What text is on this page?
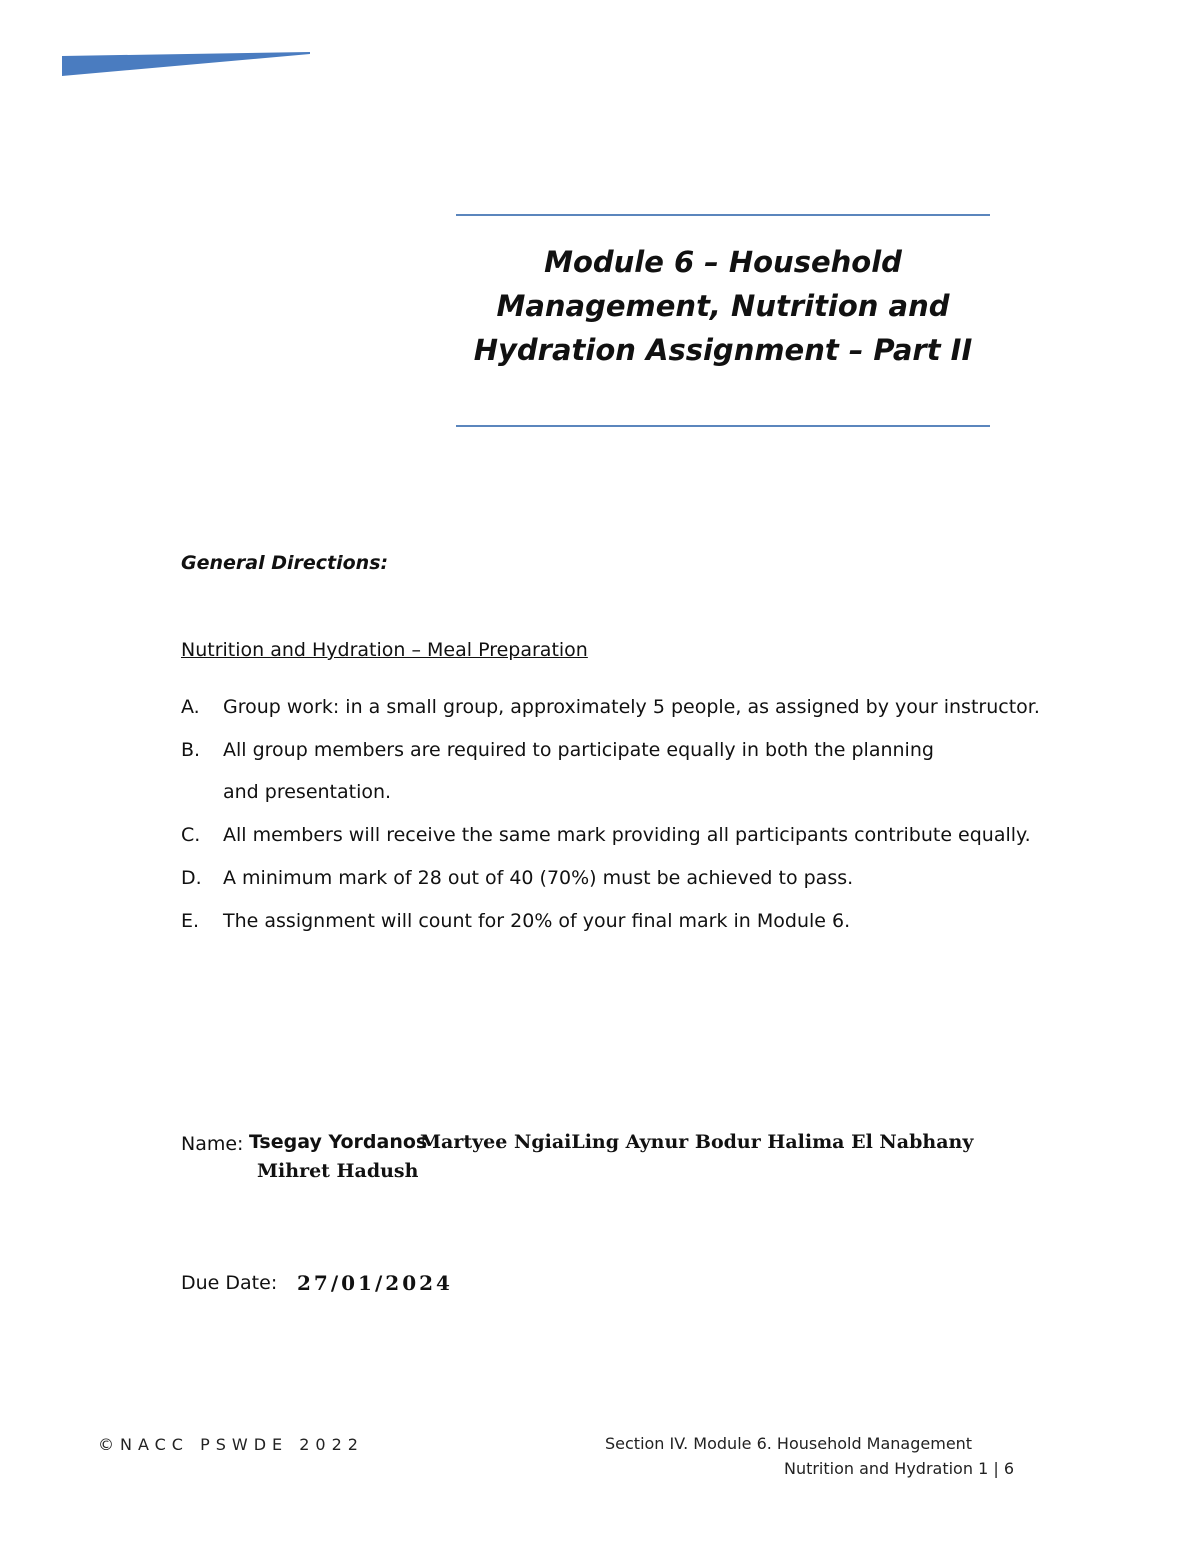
Module 6 – Household Management, Nutrition and Hydration Assignment – Part II
General Directions:
Nutrition and Hydration – Meal Preparation
A.	Group work: in a small group, approximately 5 people, as assigned by your instructor.
B.	All group members are required to participate equally in both the planning
and presentation.
C.	All members will receive the same mark providing all participants contribute equally.
D.	A minimum mark of 28 out of 40 (70%) must be achieved to pass.
E.	The assignment will count for 20% of your final mark in Module 6.
Name: Tsegay Yordanos
Martyee NgiaiLing Aynur Bodur Halima El Nabhany
Mihret Hadush
Due Date: 27/01/2024
©NACC PSWDE 2022	Section IV. Module 6. Household Management
Nutrition and Hydration 1 | 6
